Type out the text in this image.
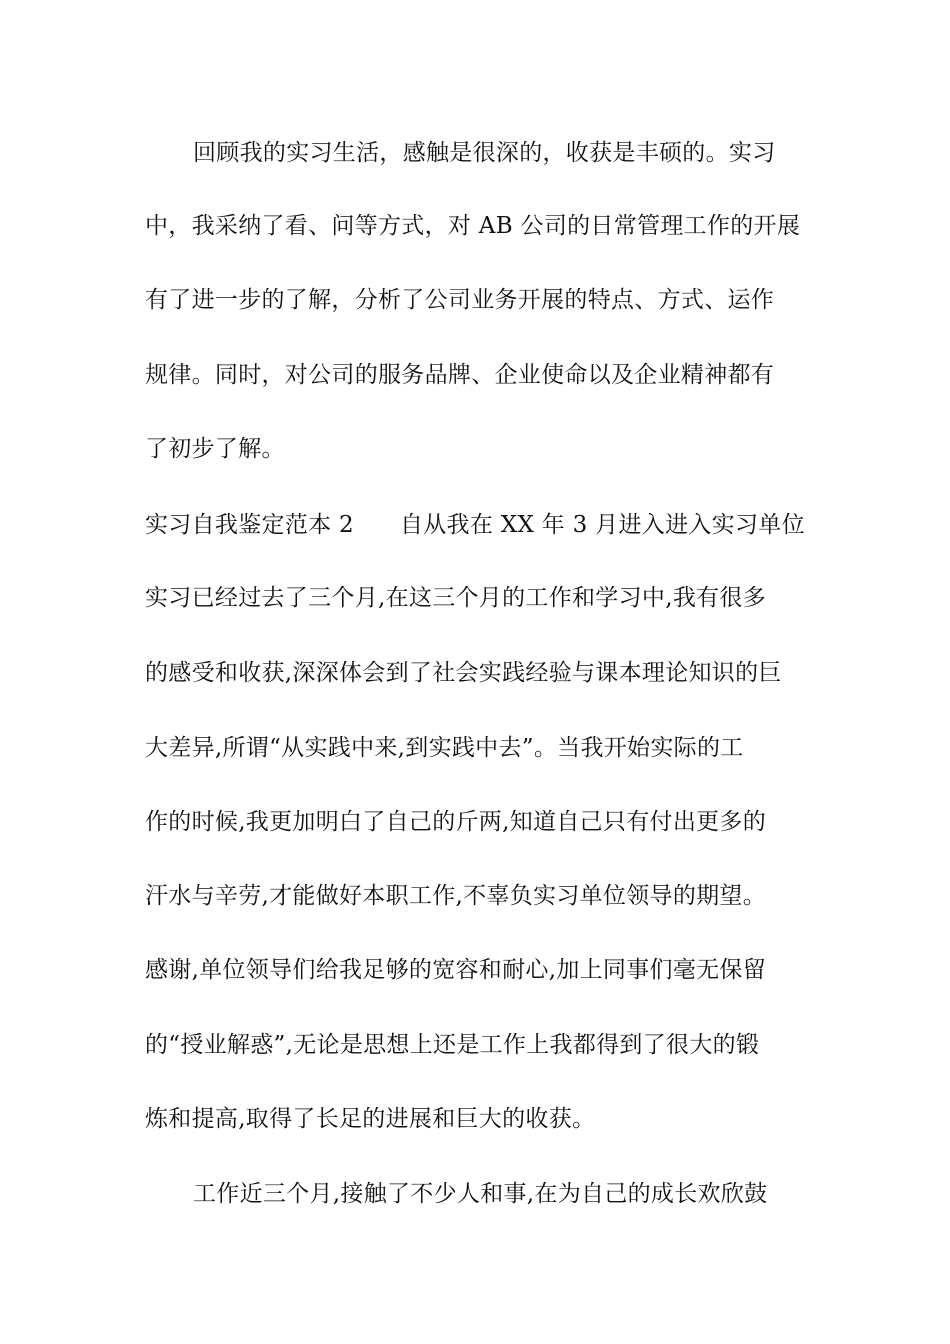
回顾我的实习生活，感触是很深的，收获是丰硕的。实习
中，我采纳了看、问等方式，对 AB 公司的日常管理工作的开展
有了进一步的了解，分析了公司业务开展的特点、方式、运作
规律。同时，对公司的服务品牌、企业使命以及企业精神都有
了初步了解。
实习自我鉴定范本 2 自从我在 XX 年 3 月进入进入实习单位
实习已经过去了三个月,在这三个月的工作和学习中,我有很多
的感受和收获,深深体会到了社会实践经验与课本理论知识的巨
大差异,所谓“从实践中来,到实践中去”。当我开始实际的工
作的时候,我更加明白了自己的斤两,知道自己只有付出更多的
汗水与辛劳,才能做好本职工作,不辜负实习单位领导的期望。
感谢,单位领导们给我足够的宽容和耐心,加上同事们毫无保留
的“授业解惑”,无论是思想上还是工作上我都得到了很大的锻
炼和提高,取得了长足的进展和巨大的收获。
工作近三个月,接触了不少人和事,在为自己的成长欢欣鼓
